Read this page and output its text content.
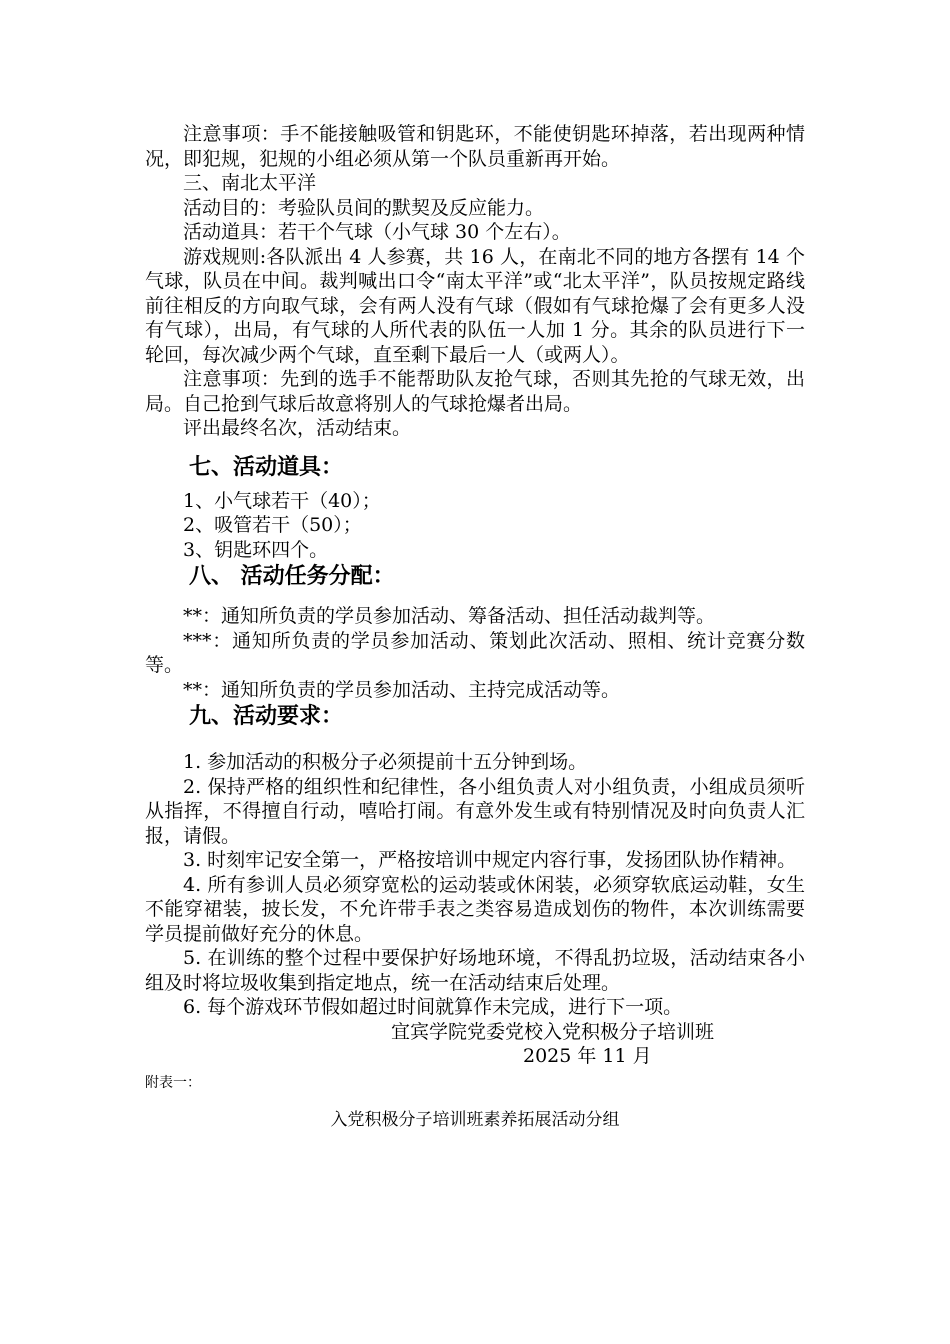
注意事项：手不能接触吸管和钥匙环，不能使钥匙环掉落，若出现两种情况，即犯规，犯规的小组必须从第一个队员重新再开始。

三、南北太平洋

活动目的：考验队员间的默契及反应能力。

活动道具：若干个气球（小气球 30 个左右）。

游戏规则:各队派出 4 人参赛，共 16 人，在南北不同的地方各摆有 14 个气球，队员在中间。裁判喊出口令“南太平洋”或“北太平洋”，队员按规定路线前往相反的方向取气球，会有两人没有气球（假如有气球抢爆了会有更多人没有气球），出局，有气球的人所代表的队伍一人加 1 分。其余的队员进行下一轮回，每次减少两个气球，直至剩下最后一人（或两人）。

注意事项：先到的选手不能帮助队友抢气球，否则其先抢的气球无效，出局。自己抢到气球后故意将别人的气球抢爆者出局。

评出最终名次，活动结束。

七、活动道具：

1、小气球若干（40）；

2、吸管若干（50）；

3、钥匙环四个。

八、 活动任务分配：

**：通知所负责的学员参加活动、筹备活动、担任活动裁判等。

***：通知所负责的学员参加活动、策划此次活动、照相、统计竞赛分数等。

**：通知所负责的学员参加活动、主持完成活动等。

九、活动要求：

1. 参加活动的积极分子必须提前十五分钟到场。

2. 保持严格的组织性和纪律性，各小组负责人对小组负责，小组成员须听从指挥，不得擅自行动，嘻哈打闹。有意外发生或有特别情况及时向负责人汇报，请假。

3. 时刻牢记安全第一，严格按培训中规定内容行事，发扬团队协作精神。

4. 所有参训人员必须穿宽松的运动装或休闲装，必须穿软底运动鞋，女生不能穿裙装，披长发，不允许带手表之类容易造成划伤的物件，本次训练需要学员提前做好充分的休息。

5. 在训练的整个过程中要保护好场地环境，不得乱扔垃圾，活动结束各小组及时将垃圾收集到指定地点，统一在活动结束后处理。

6. 每个游戏环节假如超过时间就算作未完成，进行下一项。

宜宾学院党委党校入党积极分子培训班

2025 年 11 月

附表一：

入党积极分子培训班素养拓展活动分组
